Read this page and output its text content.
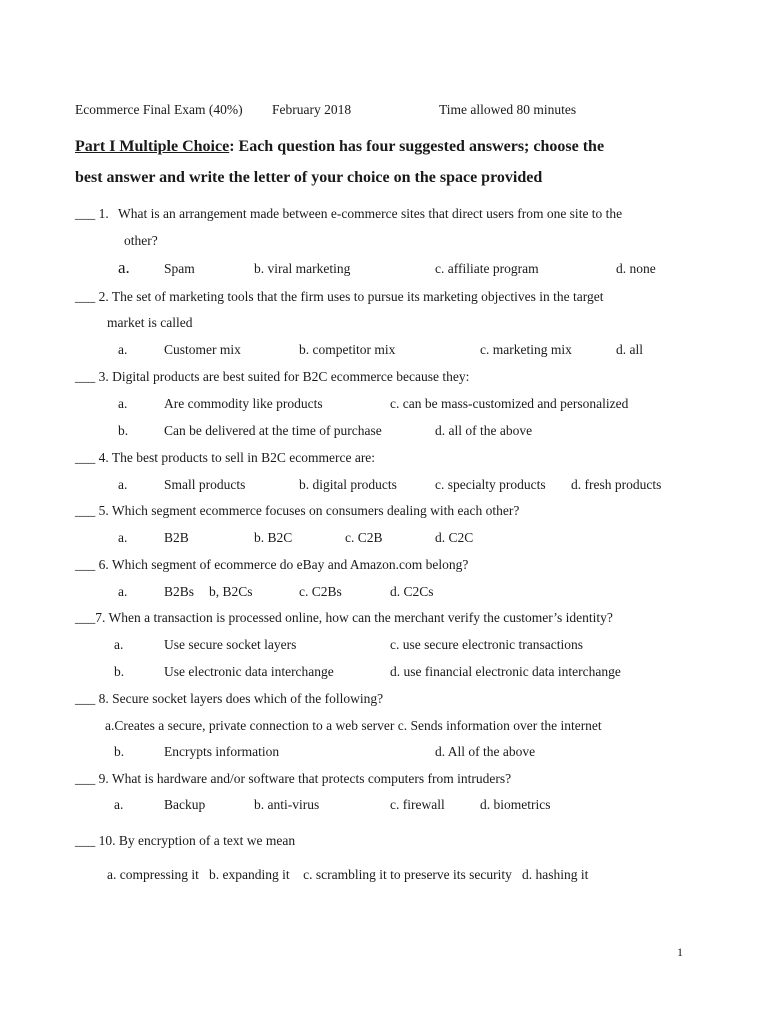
Ecommerce Final Exam (40%) February 2018	Time allowed 80 minutes
Part I Multiple Choice: Each question has four suggested answers; choose the
best answer and write the letter of your choice on the space provided
___ 1. What is an arrangement made between e-commerce sites that direct users from one site to the
other?
a.	Spam	b. viral marketing	c. affiliate program	d. none
___ 2. The set of marketing tools that the firm uses to pursue its marketing objectives in the target
market is called
a.	Customer mix	b. competitor mix	c. marketing mix	d. all
___ 3. Digital products are best suited for B2C ecommerce because they:
a.	Are commodity like products	c. can be mass-customized and personalized
b.	Can be delivered at the time of purchase	d. all of the above
___ 4. The best products to sell in B2C ecommerce are:
a.	Small products	b. digital products	c. specialty products d. fresh products
___ 5. Which segment ecommerce focuses on consumers dealing with each other?
a.	B2B	b. B2C	c. C2B	d. C2C
___ 6. Which segment of ecommerce do eBay and Amazon.com belong?
a.	B2Bs b, B2Cs	c. C2Bs	d. C2Cs
___7. When a transaction is processed online, how can the merchant verify the customer’s identity?
a.	Use secure socket layers	c. use secure electronic transactions
b.	Use electronic data interchange	d. use financial electronic data interchange
___ 8. Secure socket layers does which of the following?
a.Creates a secure, private connection to a web server c. Sends information over the internet
b.	Encrypts information	d. All of the above
___ 9. What is hardware and/or software that protects computers from intruders?
a.	Backup	b. anti-virus	c. firewall	d. biometrics
___ 10. By encryption of a text we mean
a. compressing it   b. expanding it    c. scrambling it to preserve its security   d. hashing it
1
